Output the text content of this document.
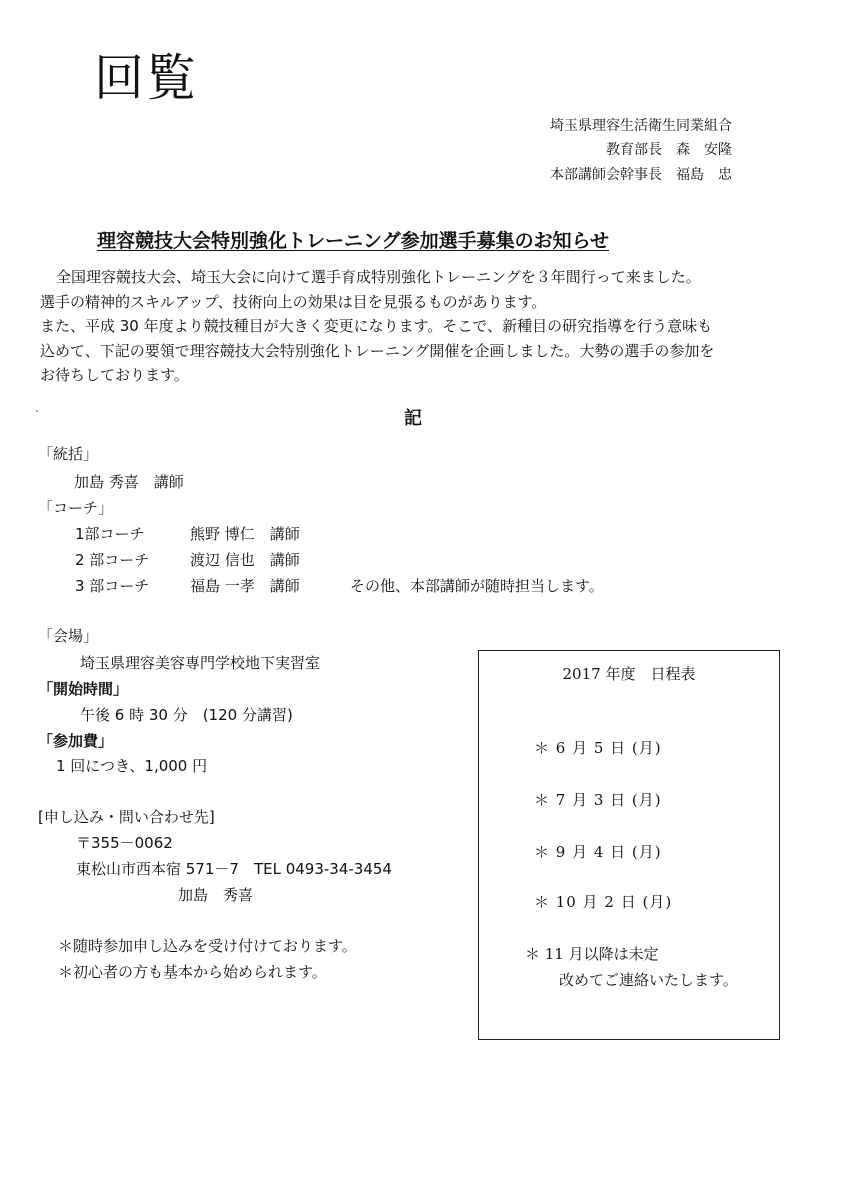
回覧
埼玉県理容生活衛生同業組合
教育部長　森　安隆
本部講師会幹事長　福島　忠
理容競技大会特別強化トレーニング参加選手募集のお知らせ

全国理容競技大会、埼玉大会に向けて選手育成特別強化トレーニングを３年間行って来ました。

選手の精神的スキルアップ、技術向上の効果は目を見張るものがあります。

また、平成 30 年度より競技種目が大きく変更になります。そこで、新種目の研究指導を行う意味も

込めて、下記の要領で理容競技大会特別強化トレーニング開催を企画しました。大勢の選手の参加を

お待ちしております。

`	記
「統括」
加島 秀喜　講師
「コーチ」
1部コーチ	熊野 博仁　講師
2 部コーチ	渡辺 信也　講師
3 部コーチ	福島 一孝　講師	その他、本部講師が随時担当します。
「会場」
埼玉県理容美容専門学校地下実習室
「開始時間」
午後 6 時 30 分　(120 分講習)
「参加費」
1 回につき、1,000 円
[申し込み・問い合わせ先]
〒355－0062
東松山市西本宿 571－7　TEL 0493-34-3454
加島　秀喜
＊随時参加申し込みを受け付けております。
＊初心者の方も基本から始められます。
2017 年度　日程表
＊ 6 月 5 日 (月)
＊ 7 月 3 日 (月)
＊ 9 月 4 日 (月)
＊ 10 月 2 日 (月)
＊ 11 月以降は未定
改めてご連絡いたします。
